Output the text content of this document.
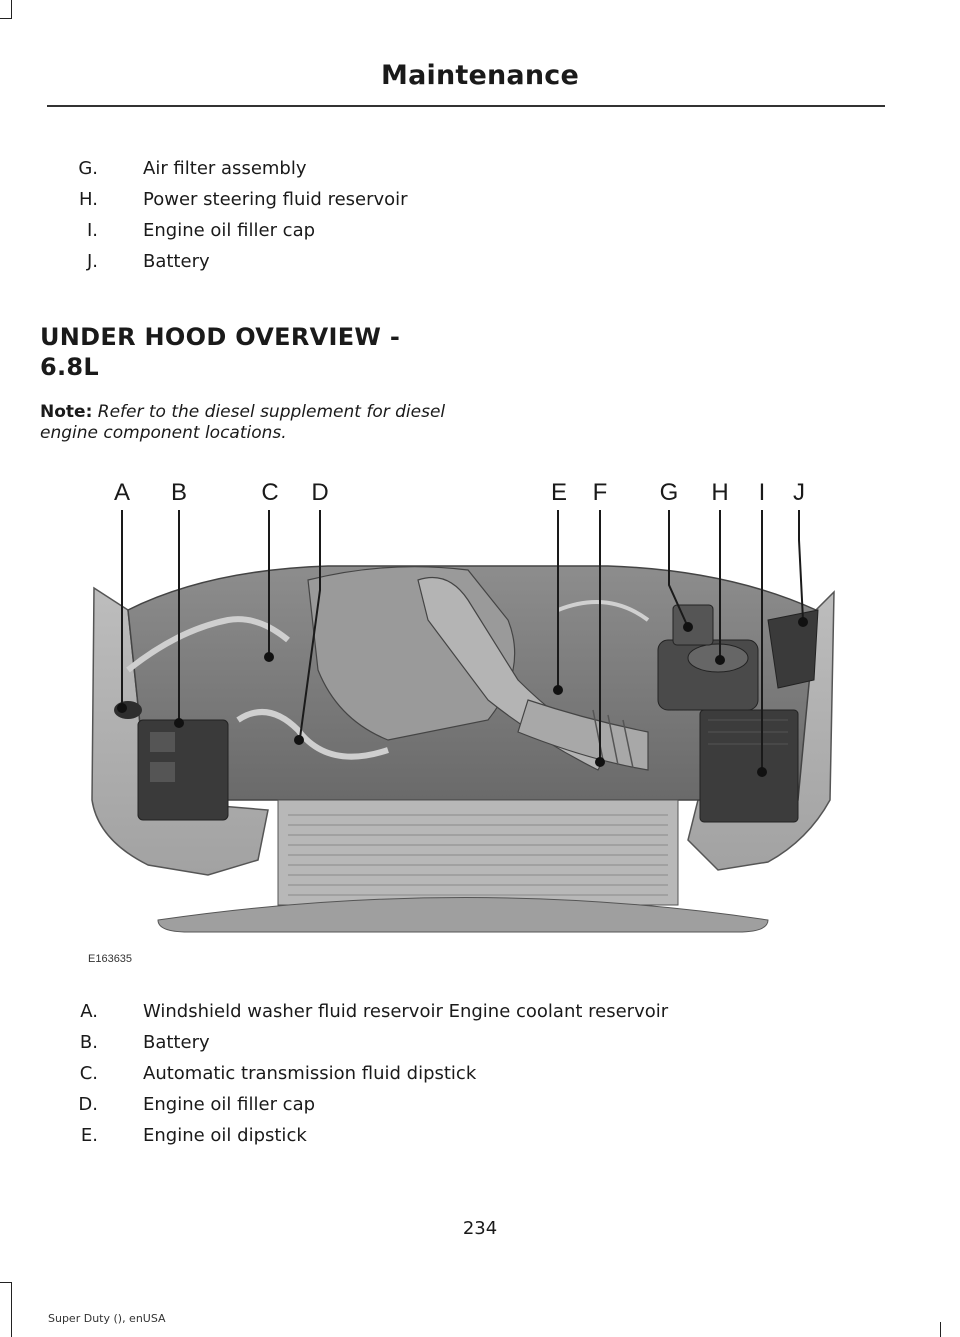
Maintenance
G.	Air filter assembly
H.	Power steering fluid reservoir
I.	Engine oil filler cap
J.	Battery
UNDER HOOD OVERVIEW -
6.8L
Note: Refer to the diesel supplement for diesel engine component locations.
A B	C D	E F G H I J
E163635
A.	Windshield washer fluid reservoir Engine coolant reservoir
B.	Battery
C.	Automatic transmission fluid dipstick
D.	Engine oil filler cap
E.	Engine oil dipstick
234
Super Duty (), enUSA
